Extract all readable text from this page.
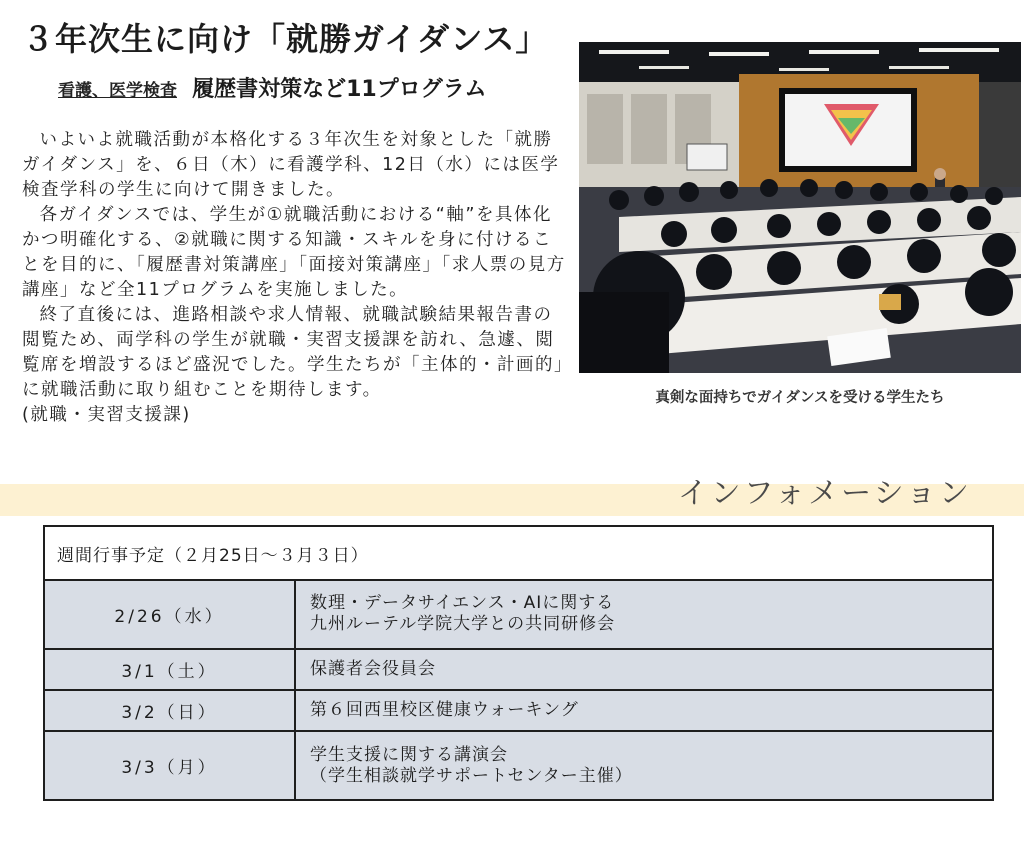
３年次生に向け「就勝ガイダンス」
看護、医学検査 履歴書対策など11プログラム

いよいよ就職活動が本格化する３年次生を対象とした「就勝ガイダンス」を、６日（木）に看護学科、12日（水）には医学検査学科の学生に向けて開きました。

各ガイダンスでは、学生が①就職活動における“軸”を具体化かつ明確化する、②就職に関する知識・スキルを身に付けることを目的に、「履歴書対策講座」「面接対策講座」「求人票の見方講座」など全11プログラムを実施しました。

終了直後には、進路相談や求人情報、就職試験結果報告書の閲覧ため、両学科の学生が就職・実習支援課を訪れ、急遽、閲覧席を増設するほど盛況でした。学生たちが「主体的・計画的」に就職活動に取り組むことを期待します。

(就職・実習支援課)

真剣な面持ちでガイダンスを受ける学生たち
インフォメーション
週間行事予定（２月25日～３月３日）	
2/26（水）	数理・データサイエンス・AIに関する
九州ルーテル学院大学との共同研修会

3/1（土）	保護者会役員会

3/2（日）	第６回西里校区健康ウォーキング

3/3（月）	学生支援に関する講演会
（学生相談就学サポートセンター主催）
